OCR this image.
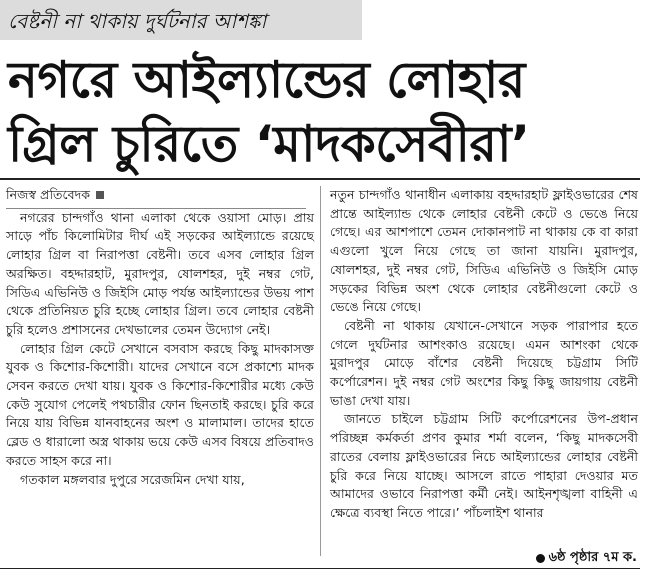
বেষ্টনী না থাকায় দুর্ঘটনার আশঙ্কা
নগরে আইল্যান্ডের লোহার
গ্রিল চুরিতে ‘মাদকসেবীরা’
নিজস্ব প্রতিবেদক

নগরের চান্দগাঁও থানা এলাকা থেকে ওয়াসা মোড়। প্রায় সাড়ে পাঁচ কিলোমিটার দীর্ঘ এই সড়কের আইল্যান্ডে রয়েছে লোহার গ্রিল বা নিরাপত্তা বেষ্টনী। তবে এসব লোহার গ্রিল অরক্ষিত। বহদ্দারহাট, মুরাদপুর, ষোলশহর, দুই নম্বর গেট, সিডিএ এভিনিউ ও জিইসি মোড় পর্যন্ত আইল্যান্ডের উভয় পাশ থেকে প্রতিনিয়ত চুরি হচ্ছে লোহার গ্রিল। তবে লোহার বেষ্টনী চুরি হলেও প্রশাসনের দেখভালের তেমন উদ্যোগ নেই।

লোহার গ্রিল কেটে সেখানে বসবাস করছে কিছু মাদকাসক্ত যুবক ও কিশোর-কিশোরী। যাদের সেখানে বসে প্রকাশ্যে মাদক সেবন করতে দেখা যায়। যুবক ও কিশোর-কিশোরীর মধ্যে কেউ কেউ সুযোগ পেলেই পথচারীর ফোন ছিনতাই করছে। চুরি করে নিয়ে যায় বিভিন্ন যানবাহনের অংশ ও মালামাল। তাদের হাতে ব্লেড ও ধারালো অস্ত্র থাকায় ভয়ে কেউ এসব বিষয়ে প্রতিবাদও করতে সাহস করে না।

গতকাল মঙ্গলবার দুপুরে সরেজমিন দেখা যায়,

নতুন চান্দগাঁও থানাধীন এলাকায় বহদ্দারহাট ফ্লাইওভারের শেষ প্রান্তে আইল্যান্ড থেকে লোহার বেষ্টনী কেটে ও ভেঙে নিয়ে গেছে। এর আশপাশে তেমন দোকানপাট না থাকায় কে বা কারা এগুলো খুলে নিয়ে গেছে তা জানা যায়নি। মুরাদপুর, ষোলশহর, দুই নম্বর গেট, সিডিএ এভিনিউ ও জিইসি মোড় সড়কের বিভিন্ন অংশ থেকে লোহার বেষ্টনীগুলো কেটে ও ভেঙে নিয়ে গেছে।

বেষ্টনী না থাকায় যেখানে-সেখানে সড়ক পারাপার হতে গেলে দুর্ঘটনার আশংকাও রয়েছে। এমন আশংকা থেকে মুরাদপুর মোড়ে বাঁশের বেষ্টনী দিয়েছে চট্টগ্রাম সিটি কর্পোরেশন। দুই নম্বর গেট অংশের কিছু কিছু জায়গায় বেষ্টনী ভাঙা দেখা যায়।

জানতে চাইলে চট্টগ্রাম সিটি কর্পোরেশনের উপ-প্রধান পরিচ্ছন্ন কর্মকর্তা প্রণব কুমার শর্মা বলেন, ‘কিছু মাদকসেবী রাতের বেলায় ফ্লাইওভারের নিচে আইল্যান্ডের লোহার বেষ্টনী চুরি করে নিয়ে যাচ্ছে। আসলে রাতে পাহারা দেওয়ার মত আমাদের ওভাবে নিরাপত্তা কর্মী নেই। আইনশৃঙ্খলা বাহিনী এ ক্ষেত্রে ব্যবস্থা নিতে পারে।’ পাঁচলাইশ থানার

৬ষ্ঠ পৃষ্ঠার ৭ম ক.
